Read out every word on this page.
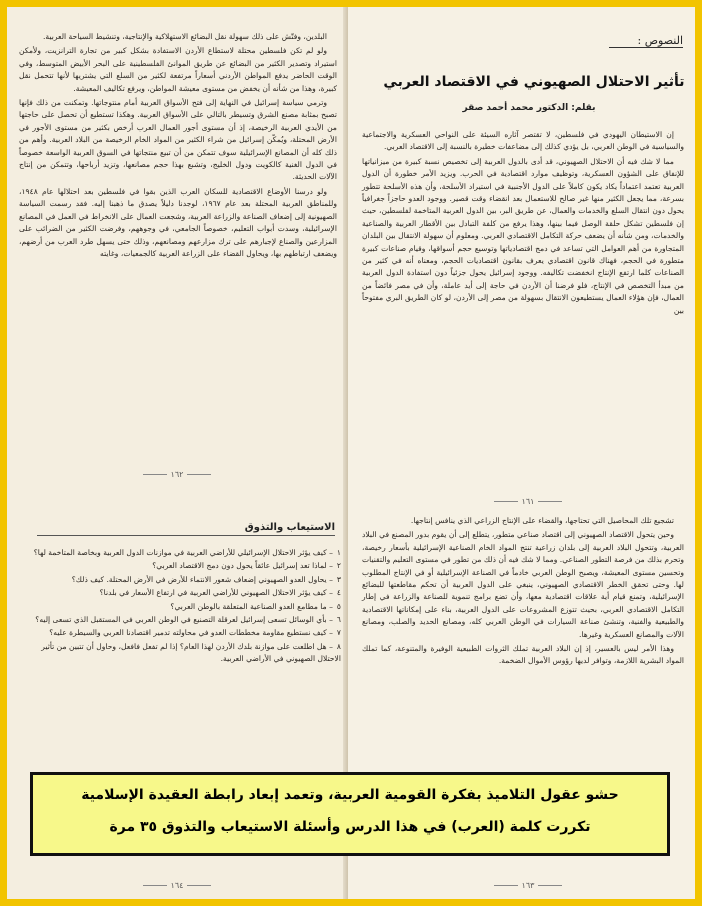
البلدين، وفتّش على ذلك سهولة نقل البضائع الاستهلاكية والإنتاجية، وتنشيط السياحة العربية.

ولو لم تكن فلسطين محتلة لاستطاع الأردن الاستفادة بشكل كبير من تجارة الترانزيت، ولأمكن استيراد وتصدير الكثير من البضائع عن طريق الموانئ الفلسطينية على البحر الأبيض المتوسط، وفي الوقت الحاضر يدفع المواطن الأردني أسعاراً مرتفعة لكثير من السلع التي يشتريها لأنها تتحمل نقل كبيرة، وهذا من شأنه أن يخفض من مستوى معيشة المواطن، ويرفع تكاليف المعيشة.

وترمي سياسة إسرائيل في النهاية إلى فتح الأسواق العربية أمام منتوجاتها. وتمكنت من ذلك فإنها تصبح بمثابة مصنع الشرق وتسيطر بالتالي على الأسواق العربية. وهكذا تستطيع أن تحصل على حاجتها من الأيدي العربية الرخيصة، إذ أن مستوى أجور العمال العرب أرخص بكثير من مستوى الأجور في الأرض المحتلة، ويُمكّن إسرائيل من شراء الكثير من المواد الخام الرخيصة من البلاد العربية. وأهم من ذلك كله أن المصانع الإسرائيلية سوف تتمكن من أن تبيع منتجاتها في السوق العربية الواسعة خصوصاً في الدول الغنية كالكويت ودول الخليج، وتشبع بهذا حجم مصانعها، وتزيد أرباحها، وتتمكن من إنتاج الآلات الحديثة.

ولو درسنا الأوضاع الاقتصادية للسكان العرب الذين بقوا في فلسطين بعد احتلالها عام ١٩٤٨، وللمناطق العربية المحتلة بعد عام ١٩٦٧، لوجدنا دليلاً يصدق ما ذهبنا إليه. فقد رسمت السياسة الصهيونية إلى إضعاف الصناعة والزراعة العربية، وشجعت العمال على الانخراط في العمل في المصانع الإسرائيلية، وسدت أبواب التعليم، خصوصاً الجامعي، في وجوههم، وفرضت الكثير من الضرائب على المزارعين والصناع لإجبارهم على ترك مزارعهم ومصانعهم، وذلك حتى يسهل طرد العرب من أرضهم، ويضعف ارتباطهم بها، ويحاول القضاء على الزراعة العربية كالجمعيات، وغايته

١٦٢
الاستيعاب والتذوق
١– كيف يؤثر الاحتلال الإسرائيلي للأراضي العربية في موازنات الدول العربية وبخاصة المتاخمة لها؟
٢– لماذا تعد إسرائيل عائقاً يحول دون دمج الاقتصاد العربي؟
٣– يحاول العدو الصهيوني إضعاف شعور الانتماء للأرض في الأرض المحتلة. كيف ذلك؟
٤– كيف يؤثر الاحتلال الصهيوني للأراضي العربية في ارتفاع الأسعار في بلدنا؟
٥– ما مطامع العدو الصناعية المتعلقة بالوطن العربي؟
٦– بأي الوسائل تسعى إسرائيل لعرقلة التصنيع في الوطن العربي في المستقبل الذي تسعى إليه؟
٧– كيف نستطيع مقاومة مخططات العدو في محاولته تدمير اقتصادنا العربي والسيطرة عليه؟
٨– هل اطلعت على موازنة بلدك الأردن لهذا العام؟ إذا لم تفعل فافعل، وحاول أن تتبين من تأثير الاحتلال الصهيوني في الأراضي العربية.
١٦٤

إن الاستيطان اليهودي في فلسطين، لا تقتصر آثاره السيئة على النواحي العسكرية والاجتماعية والسياسية في الوطن العربي، بل يؤدي كذلك إلى مضاعفات خطيرة بالنسبة إلى الاقتصاد العربي.

مما لا شك فيه أن الاحتلال الصهيوني، قد أدى بالدول العربية إلى تخصيص نسبة كبيرة من ميزانياتها للإنفاق على الشؤون العسكرية، وتوظيف موارد اقتصادية في الحرب. ويزيد الأمر خطورة أن الدول العربية تعتمد اعتماداً يكاد يكون كاملاً على الدول الأجنبية في استيراد الأسلحة، وأن هذه الأسلحة تتطور بسرعة، مما يجعل الكثير منها غير صالح للاستعمال بعد انقضاء وقت قصير. ووجود العدو حاجزاً جغرافياً يحول دون انتقال السلع والخدمات والعمال، عن طريق البر، بين الدول العربية المتاخمة لفلسطين، حيث إن فلسطين تشكل حلقة الوصل فيما بينها، وهذا يرفع من كلفة التبادل بين الأقطار العربية والصناعية والخدمات، ومن شأنه أن يضعف حركة التكامل الاقتصادي العربي. ومعلوم أن سهولة الانتقال بين البلدان المتجاورة من أهم العوامل التي تساعد في دمج اقتصادياتها وتوسيع حجم أسواقها، وقيام صناعات كبيرة متطورة في الحجم، فهناك قانون اقتصادي يعرف بقانون اقتصاديات الحجم، ومعناه أنه في كثير من الصناعات كلما ارتفع الإنتاج انخفضت تكاليفه. ووجود إسرائيل يحول جزئياً دون استفادة الدول العربية من مبدأ التخصص في الإنتاج، فلو فرضنا أن الأردن في حاجة إلى أيد عاملة، وأن في مصر فائضاً من العمال، فإن هؤلاء العمال يستطيعون الانتقال بسهولة من مصر إلى الأردن، لو كان الطريق البري مفتوحاً بين

١٦١

تشجيع تلك المحاصيل التي تحتاجها، والقضاء على الإنتاج الزراعي الذي ينافس إنتاجها.

وحين يتحول الاقتصاد الصهيوني إلى اقتصاد صناعي متطور، يتطلع إلى أن يقوم بدور المصنع في البلاد العربية، وتتحول البلاد العربية إلى بلدان زراعية تنتج المواد الخام الصناعية الإسرائيلية بأسعار رخيصة، وتحرم بذلك من فرصة التطور الصناعي. ومما لا شك فيه أن ذلك من تطور في مستوى التعليم والتقنيات وتحسين مستوى المعيشة، ويصبح الوطن العربي خادماً في الصناعة الإسرائيلية أو في الإنتاج المطلوب لها. وحتى تحقق الخطر الاقتصادي الصهيوني، ينبغي على الدول العربية أن تحكم مقاطعتها للبضائع الإسرائيلية، وتمنع قيام أية علاقات اقتصادية معها، وأن تضع برامج تنموية للصناعة والزراعة في إطار التكامل الاقتصادي العربي، بحيث تتوزع المشروعات على الدول العربية، بناء على إمكاناتها الاقتصادية والطبيعية والفنية، وتنشئ صناعة السيارات في الوطن العربي كله، ومصانع الحديد والصلب، ومصانع الآلات والمصانع العسكرية وغيرها.

وهذا الأمر ليس بالعسير، إذ إن البلاد العربية تملك الثروات الطبيعية الوفيرة والمتنوعة، كما تملك المواد البشرية اللازمة، وتوافر لديها رؤوس الأموال الضخمة.

١٦٣
النصوص :
تأثير الاحتلال الصهيوني في الاقتصاد العربي
بقلم: الدكتور محمد أحمد صقر
حشو عقول التلاميذ بفكرة القومية العربية، وتعمد إبعاد رابطة العقيدة الإسلامية
تكررت كلمة (العرب) في هذا الدرس وأسئلة الاستيعاب والتذوق ٣٥ مرة
